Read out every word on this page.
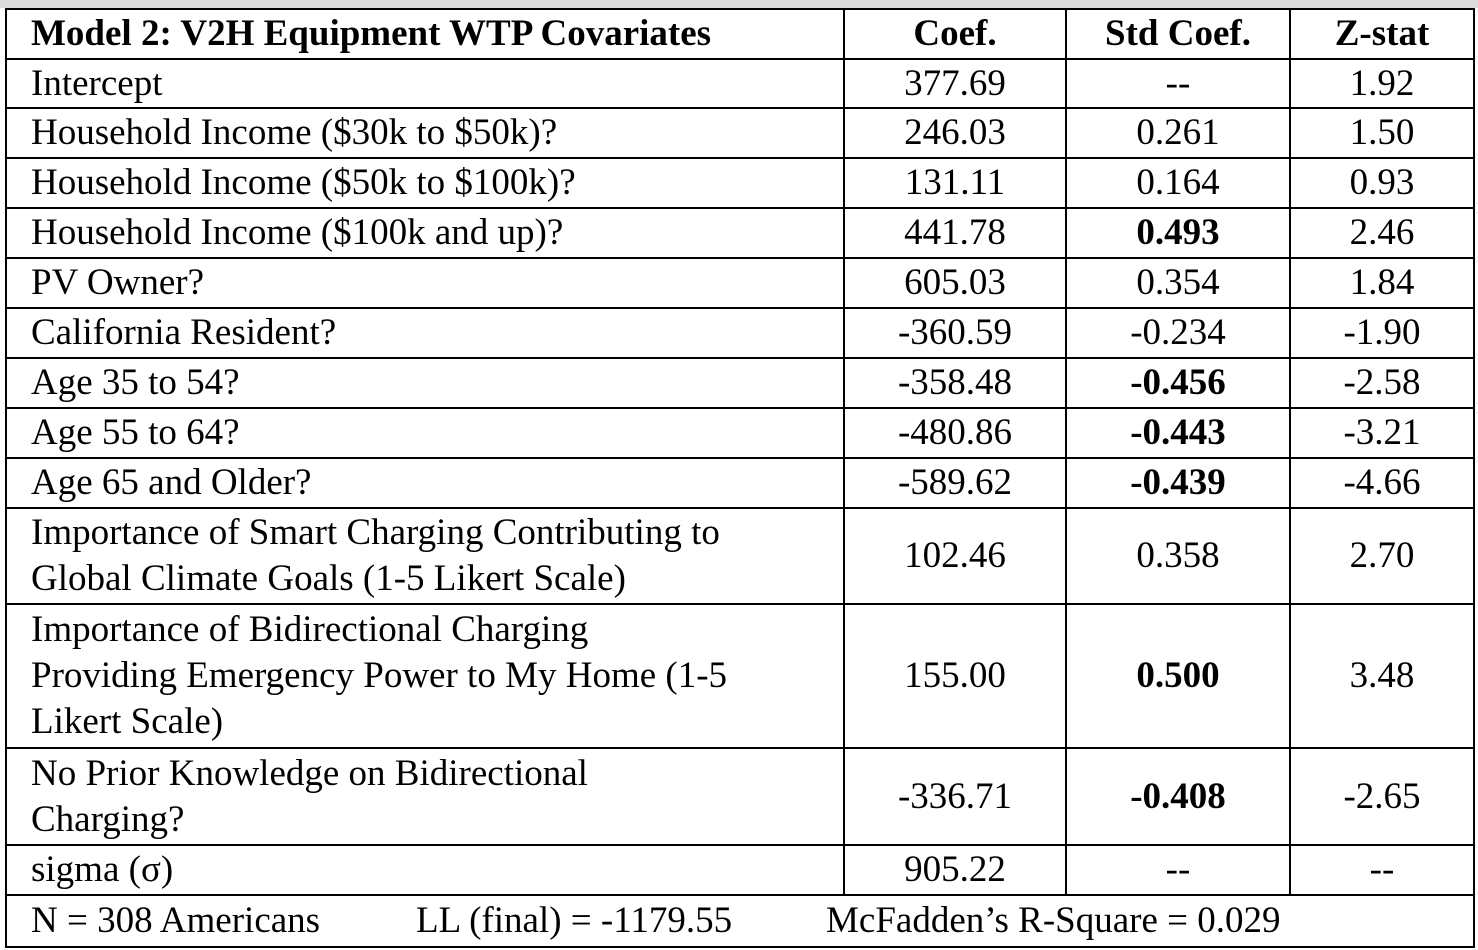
Model 2: V2H Equipment WTP Covariates	Coef.	Std Coef.	Z-stat
Intercept	377.69	--	1.92
Household Income ($30k to $50k)?	246.03	0.261	1.50
Household Income ($50k to $100k)?	131.11	0.164	0.93
Household Income ($100k and up)?	441.78	0.493	2.46
PV Owner?	605.03	0.354	1.84
California Resident?	-360.59	-0.234	-1.90
Age 35 to 54?	-358.48	-0.456	-2.58
Age 55 to 64?	-480.86	-0.443	-3.21
Age 65 and Older?	-589.62	-0.439	-4.66

Importance of Smart Charging Contributing to
Global Climate Goals (1-5 Likert Scale)	102.46	0.358	2.70

Importance of Bidirectional Charging
Providing Emergency Power to My Home (1-5
Likert Scale)	155.00	0.500	3.48

No Prior Knowledge on Bidirectional
Charging?	-336.71	-0.408	-2.65
sigma (σ)	905.22	--	--
N = 308 Americans LL (final) = -1179.55 McFadden’s R-Square = 0.029			
